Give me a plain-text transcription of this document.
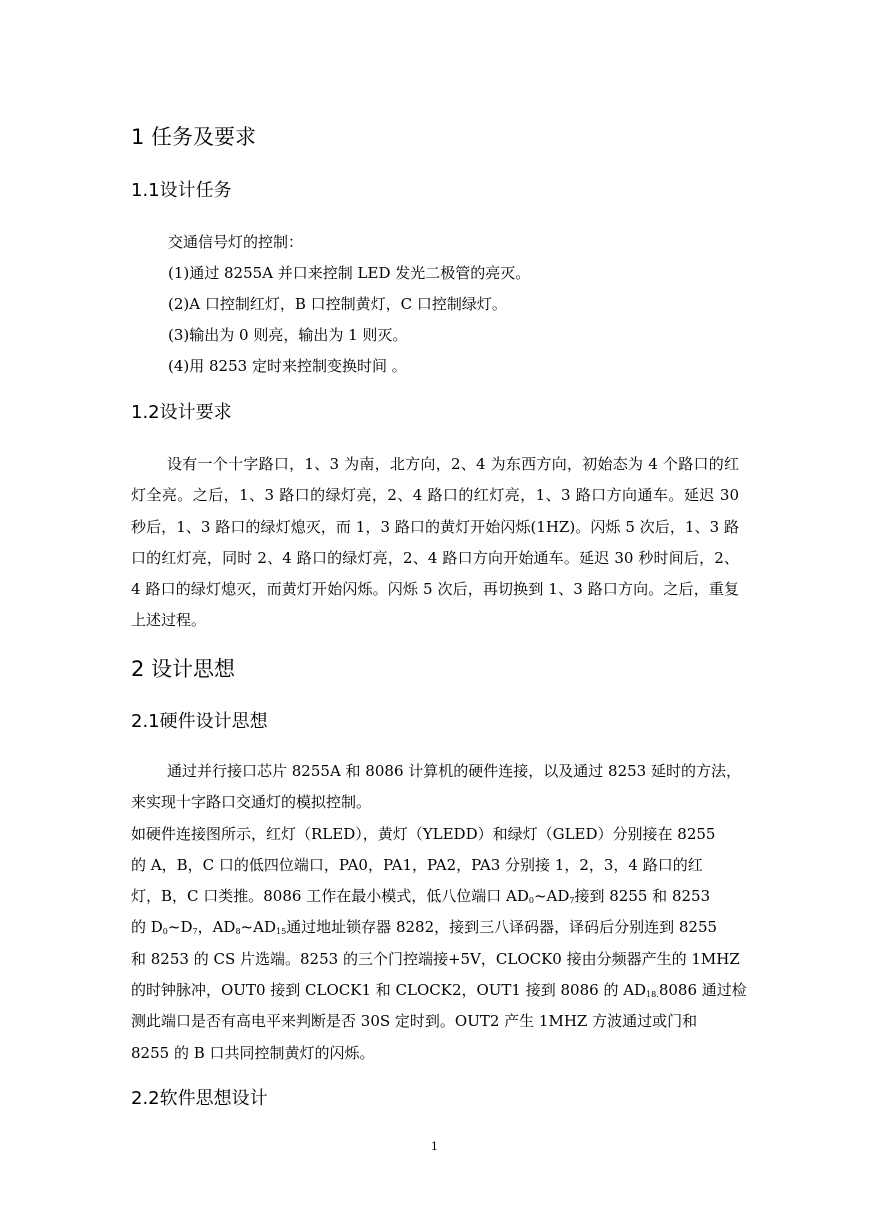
1 任务及要求
1.1设计任务

交通信号灯的控制：

(1)通过 8255A 并口来控制 LED 发光二极管的亮灭。

(2)A 口控制红灯，B 口控制黄灯，C 口控制绿灯。

(3)输出为 0 则亮，输出为 1 则灭。

(4)用 8253 定时来控制变换时间 。

1.2设计要求

设有一个十字路口，1、3 为南，北方向，2、4 为东西方向，初始态为 4 个路口的红灯全亮。之后，1、3 路口的绿灯亮，2、4 路口的红灯亮，1、3 路口方向通车。延迟 30 秒后，1、3 路口的绿灯熄灭，而 1，3 路口的黄灯开始闪烁(1HZ)。闪烁 5 次后，1、3 路口的红灯亮，同时 2、4 路口的绿灯亮，2、4 路口方向开始通车。延迟 30 秒时间后，2、4 路口的绿灯熄灭，而黄灯开始闪烁。闪烁 5 次后，再切换到 1、3 路口方向。之后，重复上述过程。

2 设计思想
2.1硬件设计思想

通过并行接口芯片 8255A 和 8086 计算机的硬件连接，以及通过 8253 延时的方法，来实现十字路口交通灯的模拟控制。

如硬件连接图所示，红灯（RLED），黄灯（YLEDD）和绿灯（GLED）分别接在 8255
的 A，B，C 口的低四位端口，PA0，PA1，PA2，PA3 分别接 1，2，3，4 路口的红
灯，B，C 口类推。8086 工作在最小模式，低八位端口 $AD_0\sim AD_7$接到 8255 和 8253
的 $D_0\sim D_7$，$AD_8\sim AD_{15}$通过地址锁存器 8282，接到三八译码器，译码后分别连到 8255
和 8253 的 CS 片选端。8253 的三个门控端接+5V，CLOCK0 接由分频器产生的 1MHZ
的时钟脉冲，OUT0 接到 CLOCK1 和 CLOCK2，OUT1 接到 8086 的 $AD_{18.}8086$ 通过检
测此端口是否有高电平来判断是否 30S 定时到。OUT2 产生 1MHZ 方波通过或门和
8255 的 B 口共同控制黄灯的闪烁。
2.2软件思想设计
1
